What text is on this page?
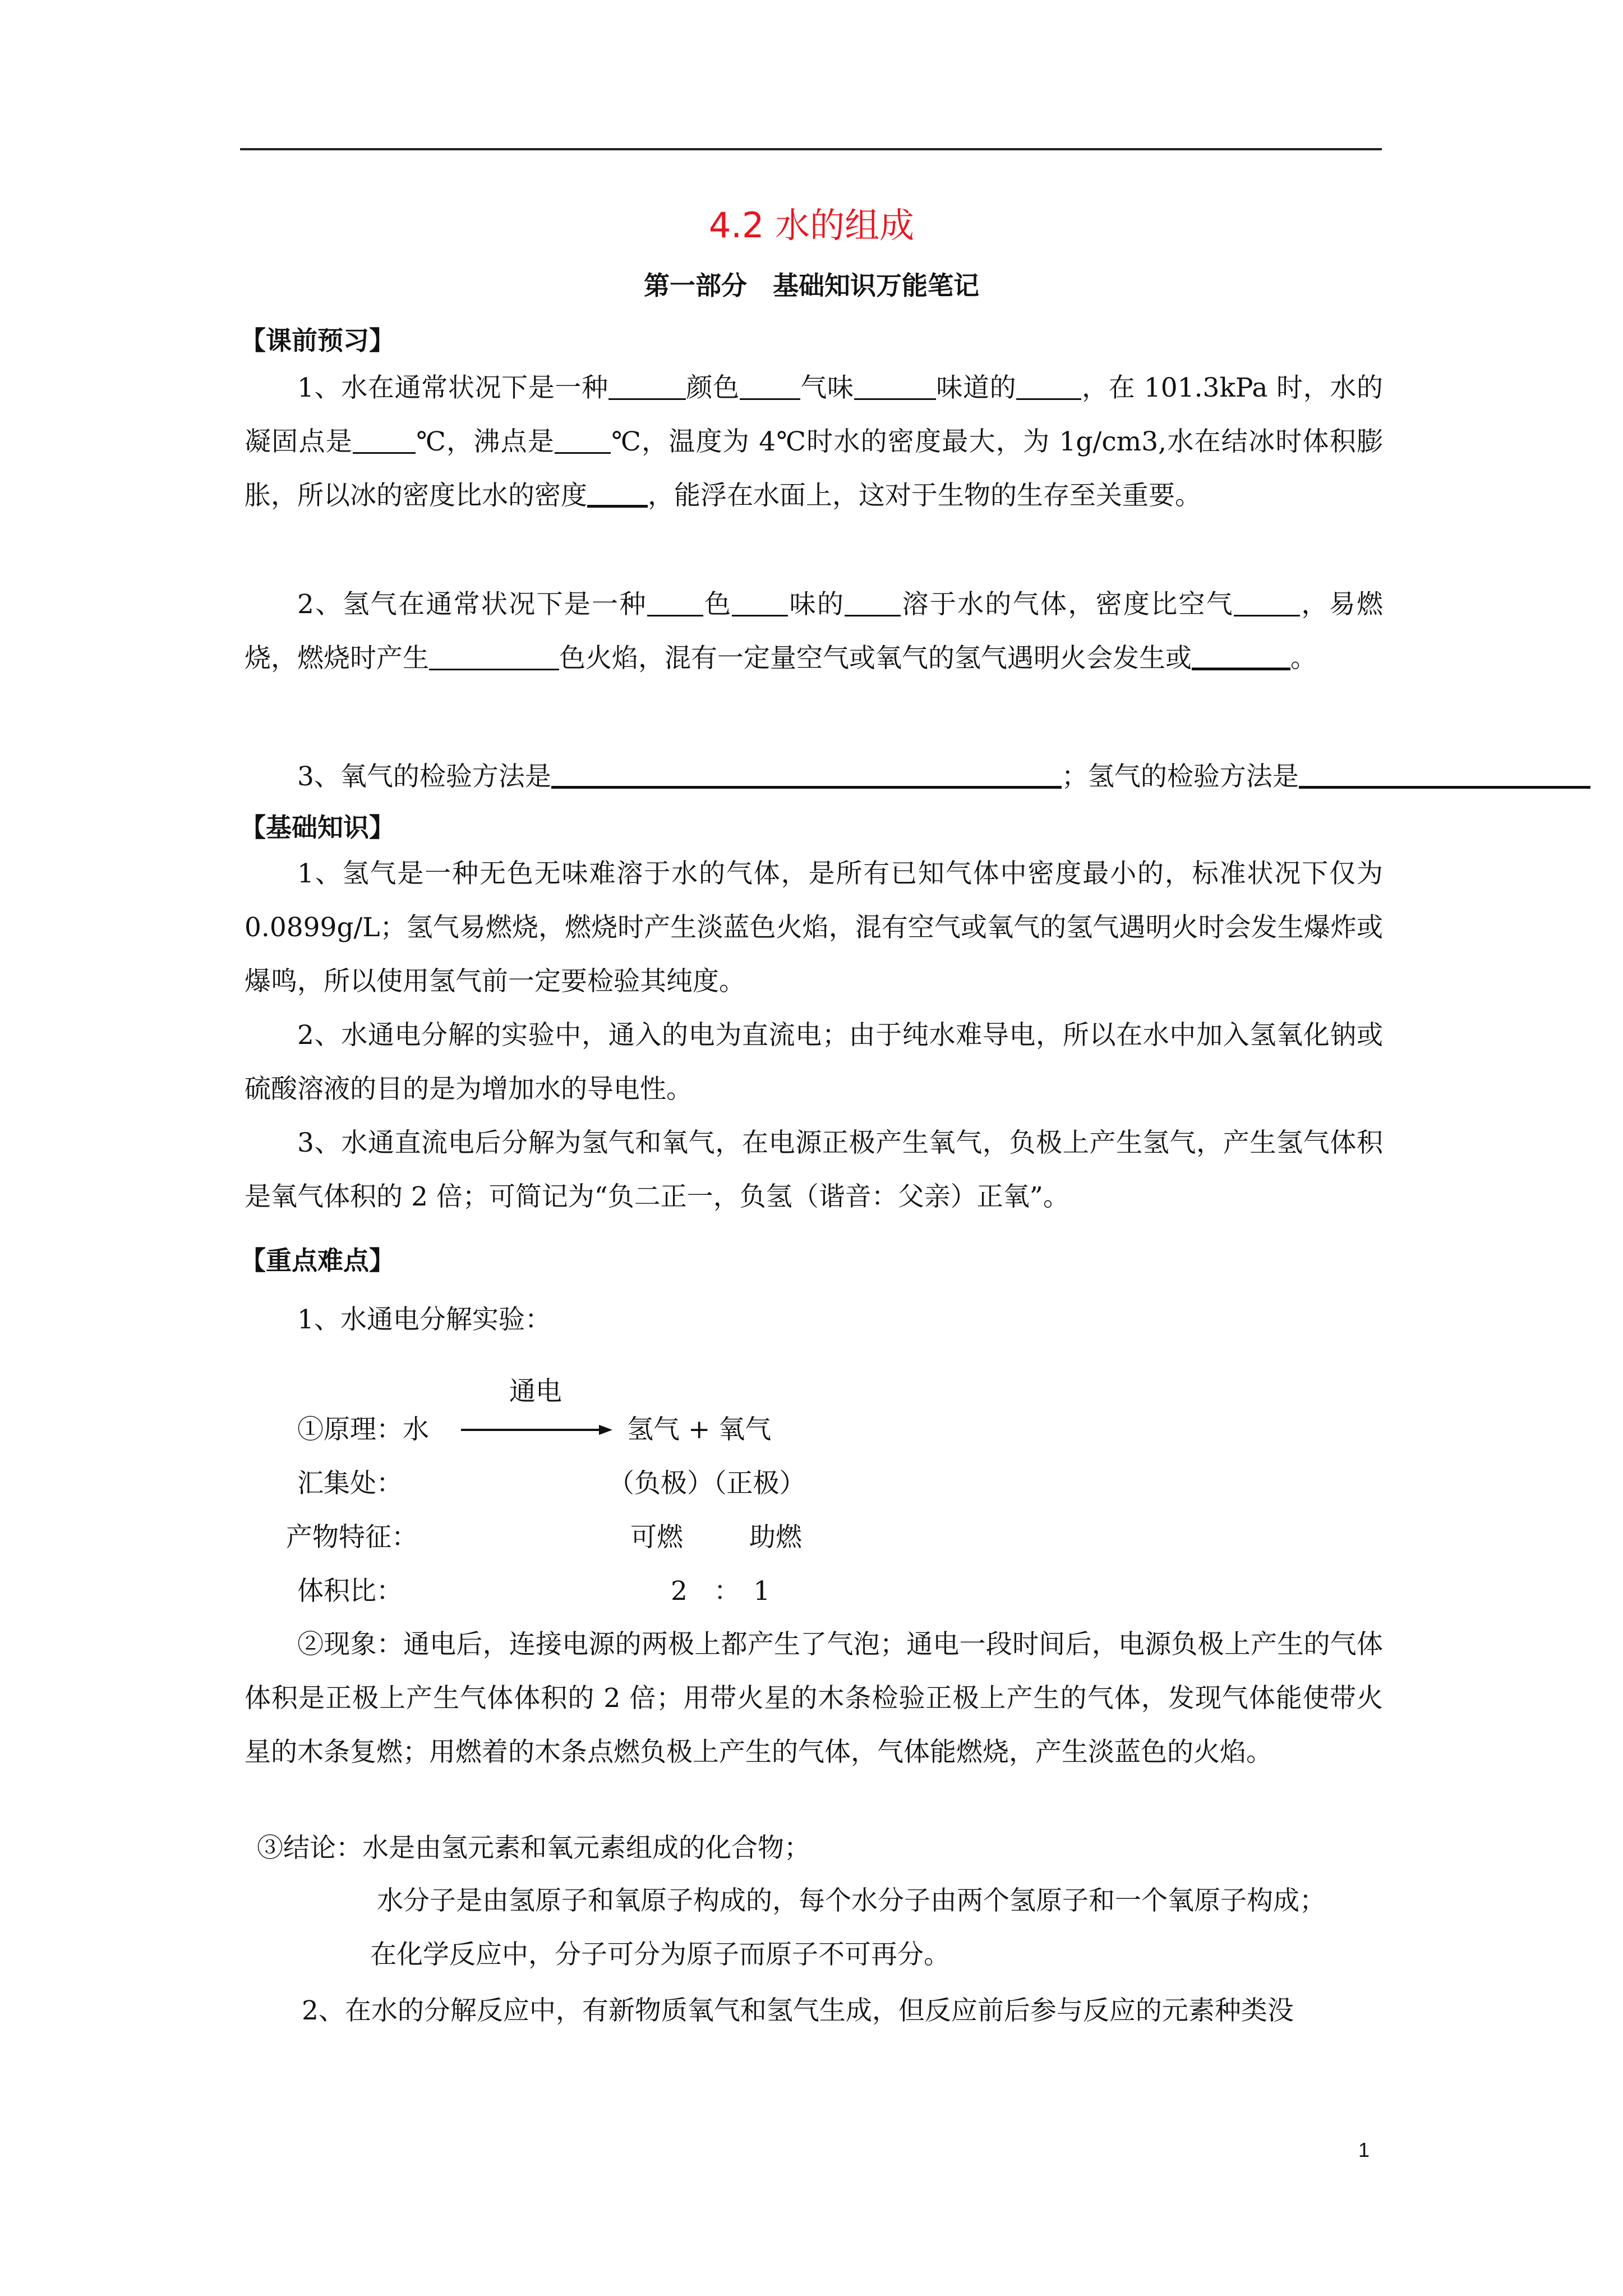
4.2 水的组成
第一部分　基础知识万能笔记
【课前预习】
1、水在通常状况下是一种	颜色 气味	味道的 ，在 101.3kPa 时，水的凝固点是 ℃，沸点是 ℃，温度为 4℃时水的密度最大，为 1g/cm3,水在结冰时体积膨胀，所以冰的密度比水的密度 ，能浮在水面上，这对于生物的生存至关重要。
2、氢气在通常状况下是一种 色 味的 溶于水的气体，密度比空气	，易燃烧，燃烧时产生	色火焰，混有一定量空气或氧气的氢气遇明火会发生或	。
3、氧气的检验方法是	；氢气的检验方法是
【基础知识】
1、氢气是一种无色无味难溶于水的气体，是所有已知气体中密度最小的，标准状况下仅为 0.0899g/L；氢气易燃烧，燃烧时产生淡蓝色火焰，混有空气或氧气的氢气遇明火时会发生爆炸或爆鸣，所以使用氢气前一定要检验其纯度。
2、水通电分解的实验中，通入的电为直流电；由于纯水难导电，所以在水中加入氢氧化钠或硫酸溶液的目的是为增加水的导电性。
3、水通直流电后分解为氢气和氧气，在电源正极产生氧气，负极上产生氢气，产生氢气体积是氧气体积的 2 倍；可简记为“负二正一，负氢（谐音：父亲）正氧”。
【重点难点】
1、水通电分解实验：
通电
①原理：水	氢气 + 氧气
汇集处：	（负极）（正极）
产物特征：	可燃	助燃
体积比：	2　：　1
②现象：通电后，连接电源的两极上都产生了气泡；通电一段时间后，电源负极上产生的气体体积是正极上产生气体体积的 2 倍；用带火星的木条检验正极上产生的气体，发现气体能使带火星的木条复燃；用燃着的木条点燃负极上产生的气体，气体能燃烧，产生淡蓝色的火焰。
③结论：水是由氢元素和氧元素组成的化合物；
水分子是由氢原子和氧原子构成的，每个水分子由两个氢原子和一个氧原子构成；
在化学反应中，分子可分为原子而原子不可再分。
2、在水的分解反应中，有新物质氧气和氢气生成，但反应前后参与反应的元素种类没
1
